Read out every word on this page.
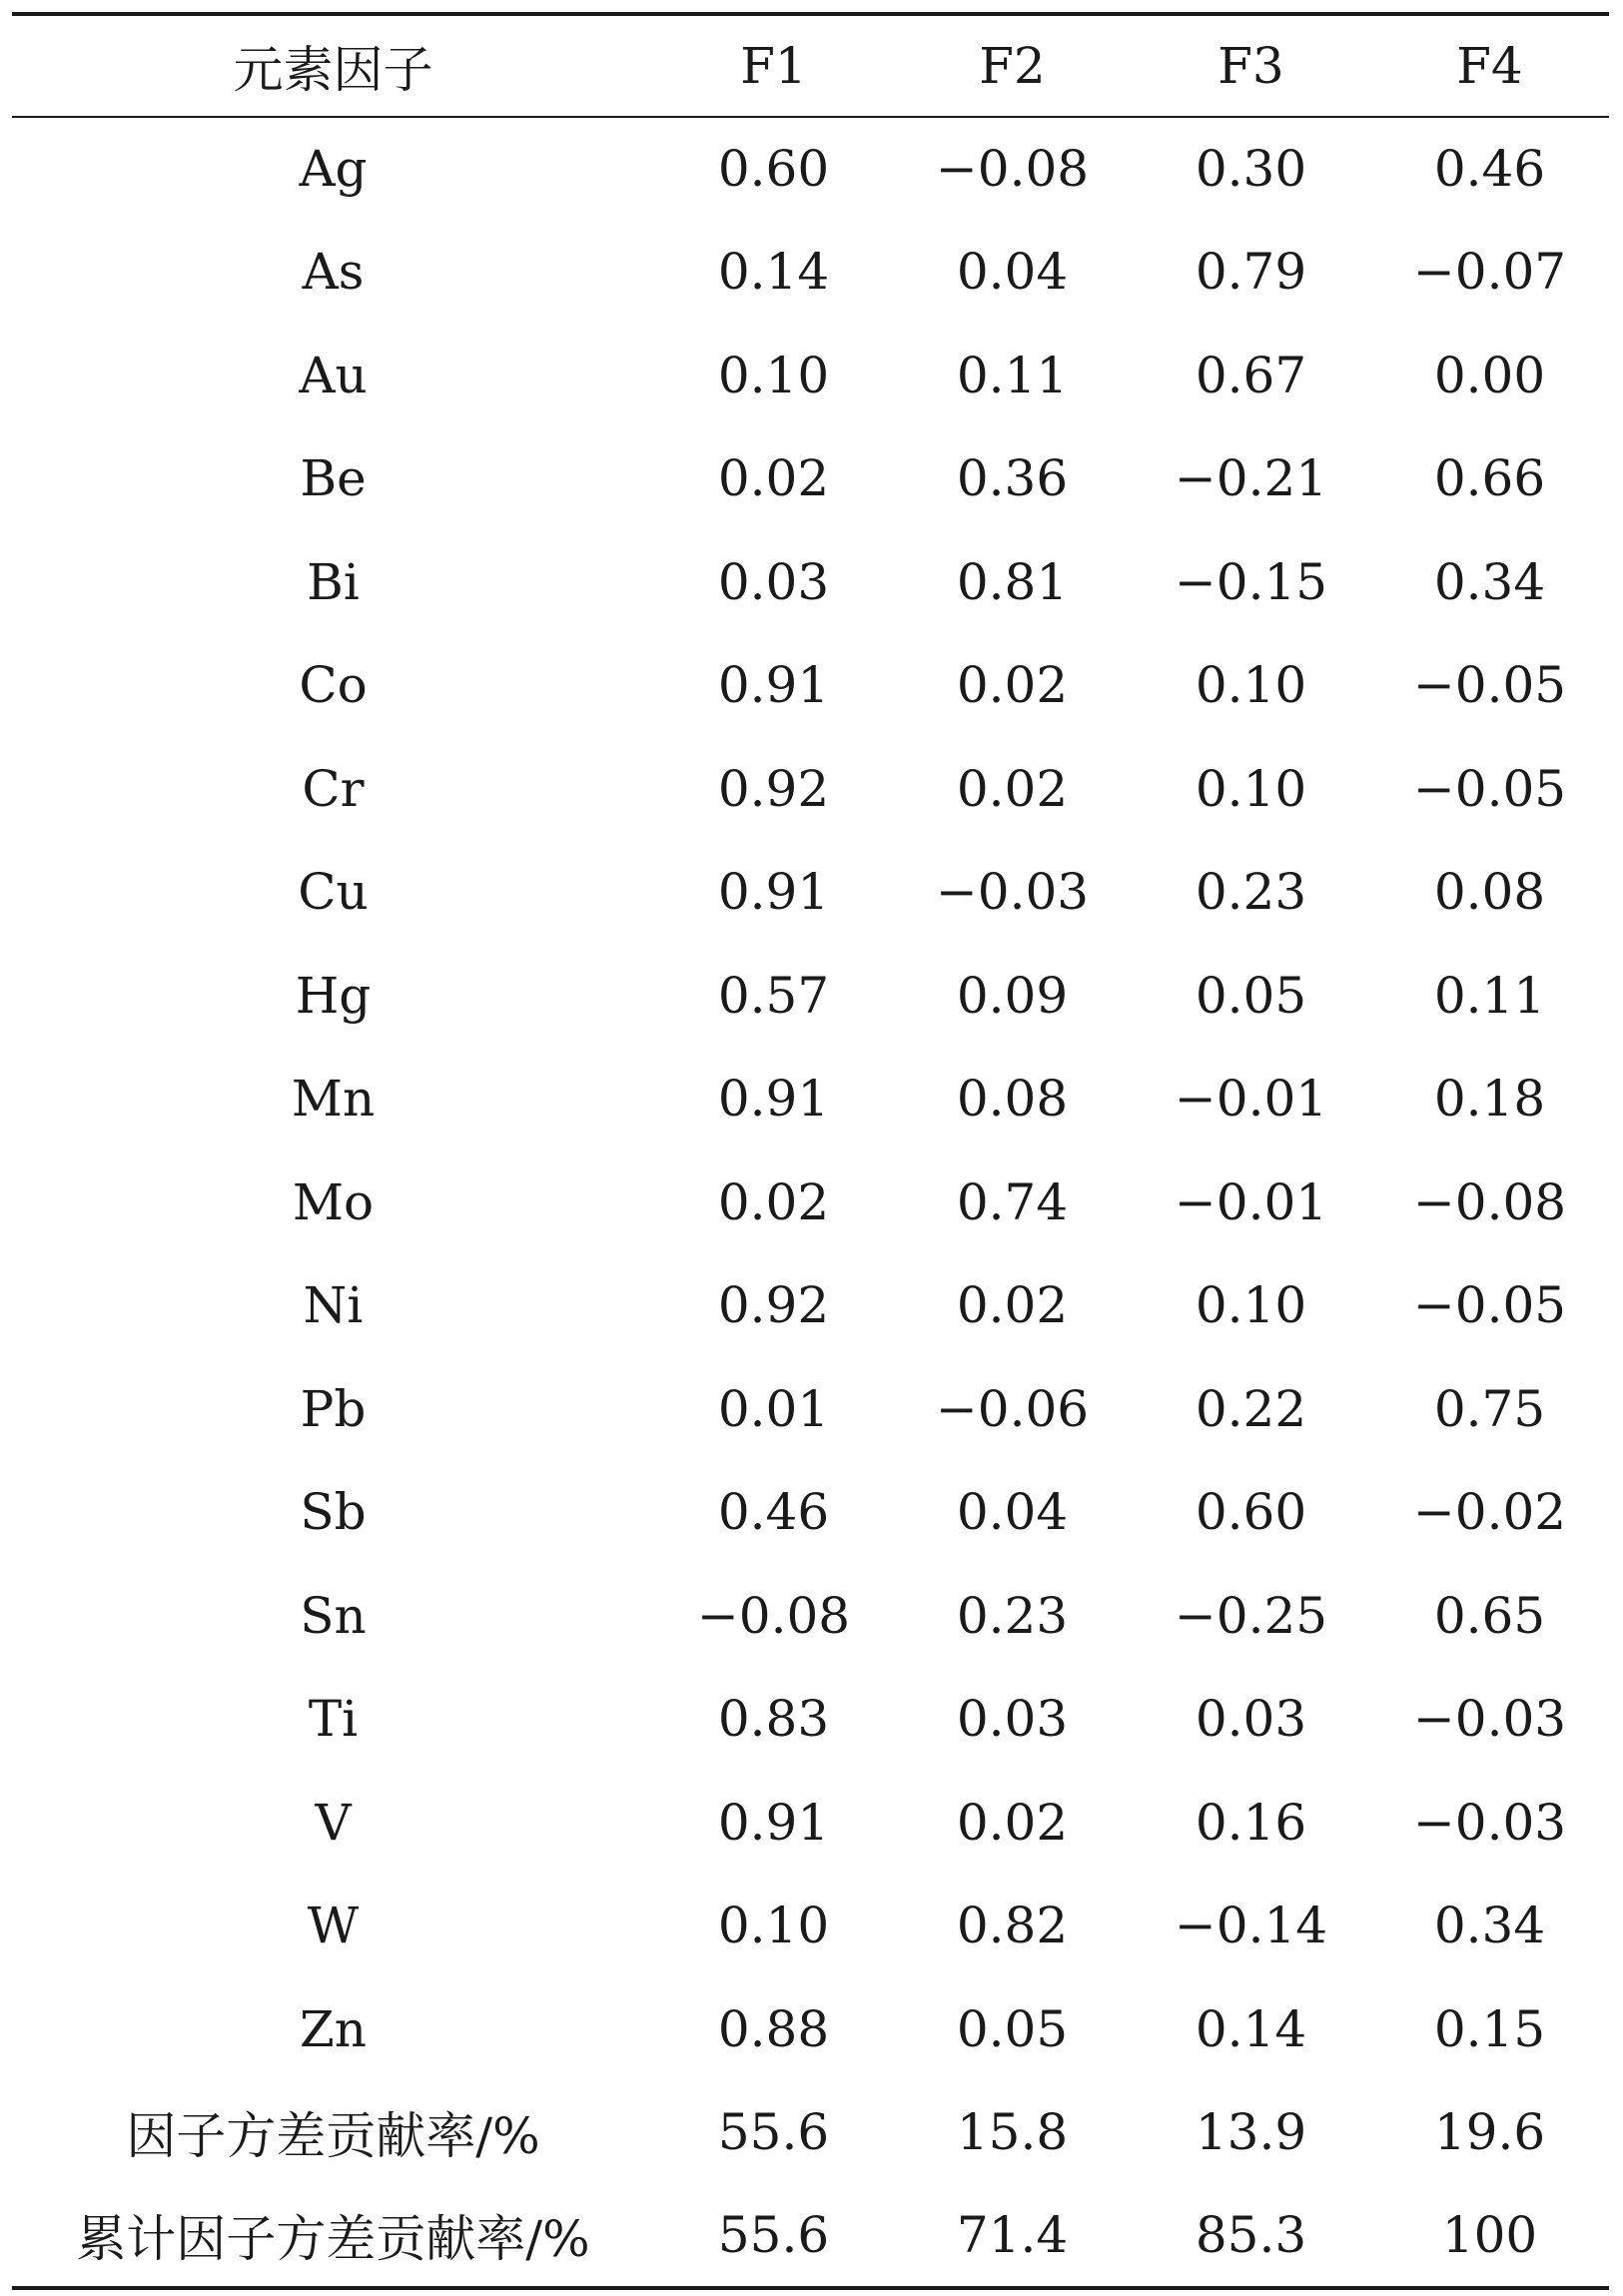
元素因子	F1	F2	F3	F4
Ag	0.60	−0.08	0.30	0.46
As	0.14	0.04	0.79	−0.07
Au	0.10	0.11	0.67	0.00
Be	0.02	0.36	−0.21	0.66
Bi	0.03	0.81	−0.15	0.34
Co	0.91	0.02	0.10	−0.05
Cr	0.92	0.02	0.10	−0.05
Cu	0.91	−0.03	0.23	0.08
Hg	0.57	0.09	0.05	0.11
Mn	0.91	0.08	−0.01	0.18
Mo	0.02	0.74	−0.01	−0.08
Ni	0.92	0.02	0.10	−0.05
Pb	0.01	−0.06	0.22	0.75
Sb	0.46	0.04	0.60	−0.02
Sn	−0.08	0.23	−0.25	0.65
Ti	0.83	0.03	0.03	−0.03
V	0.91	0.02	0.16	−0.03
W	0.10	0.82	−0.14	0.34
Zn	0.88	0.05	0.14	0.15
因子方差贡献率/%	55.6	15.8	13.9	19.6
累计因子方差贡献率/%	55.6	71.4	85.3	100
